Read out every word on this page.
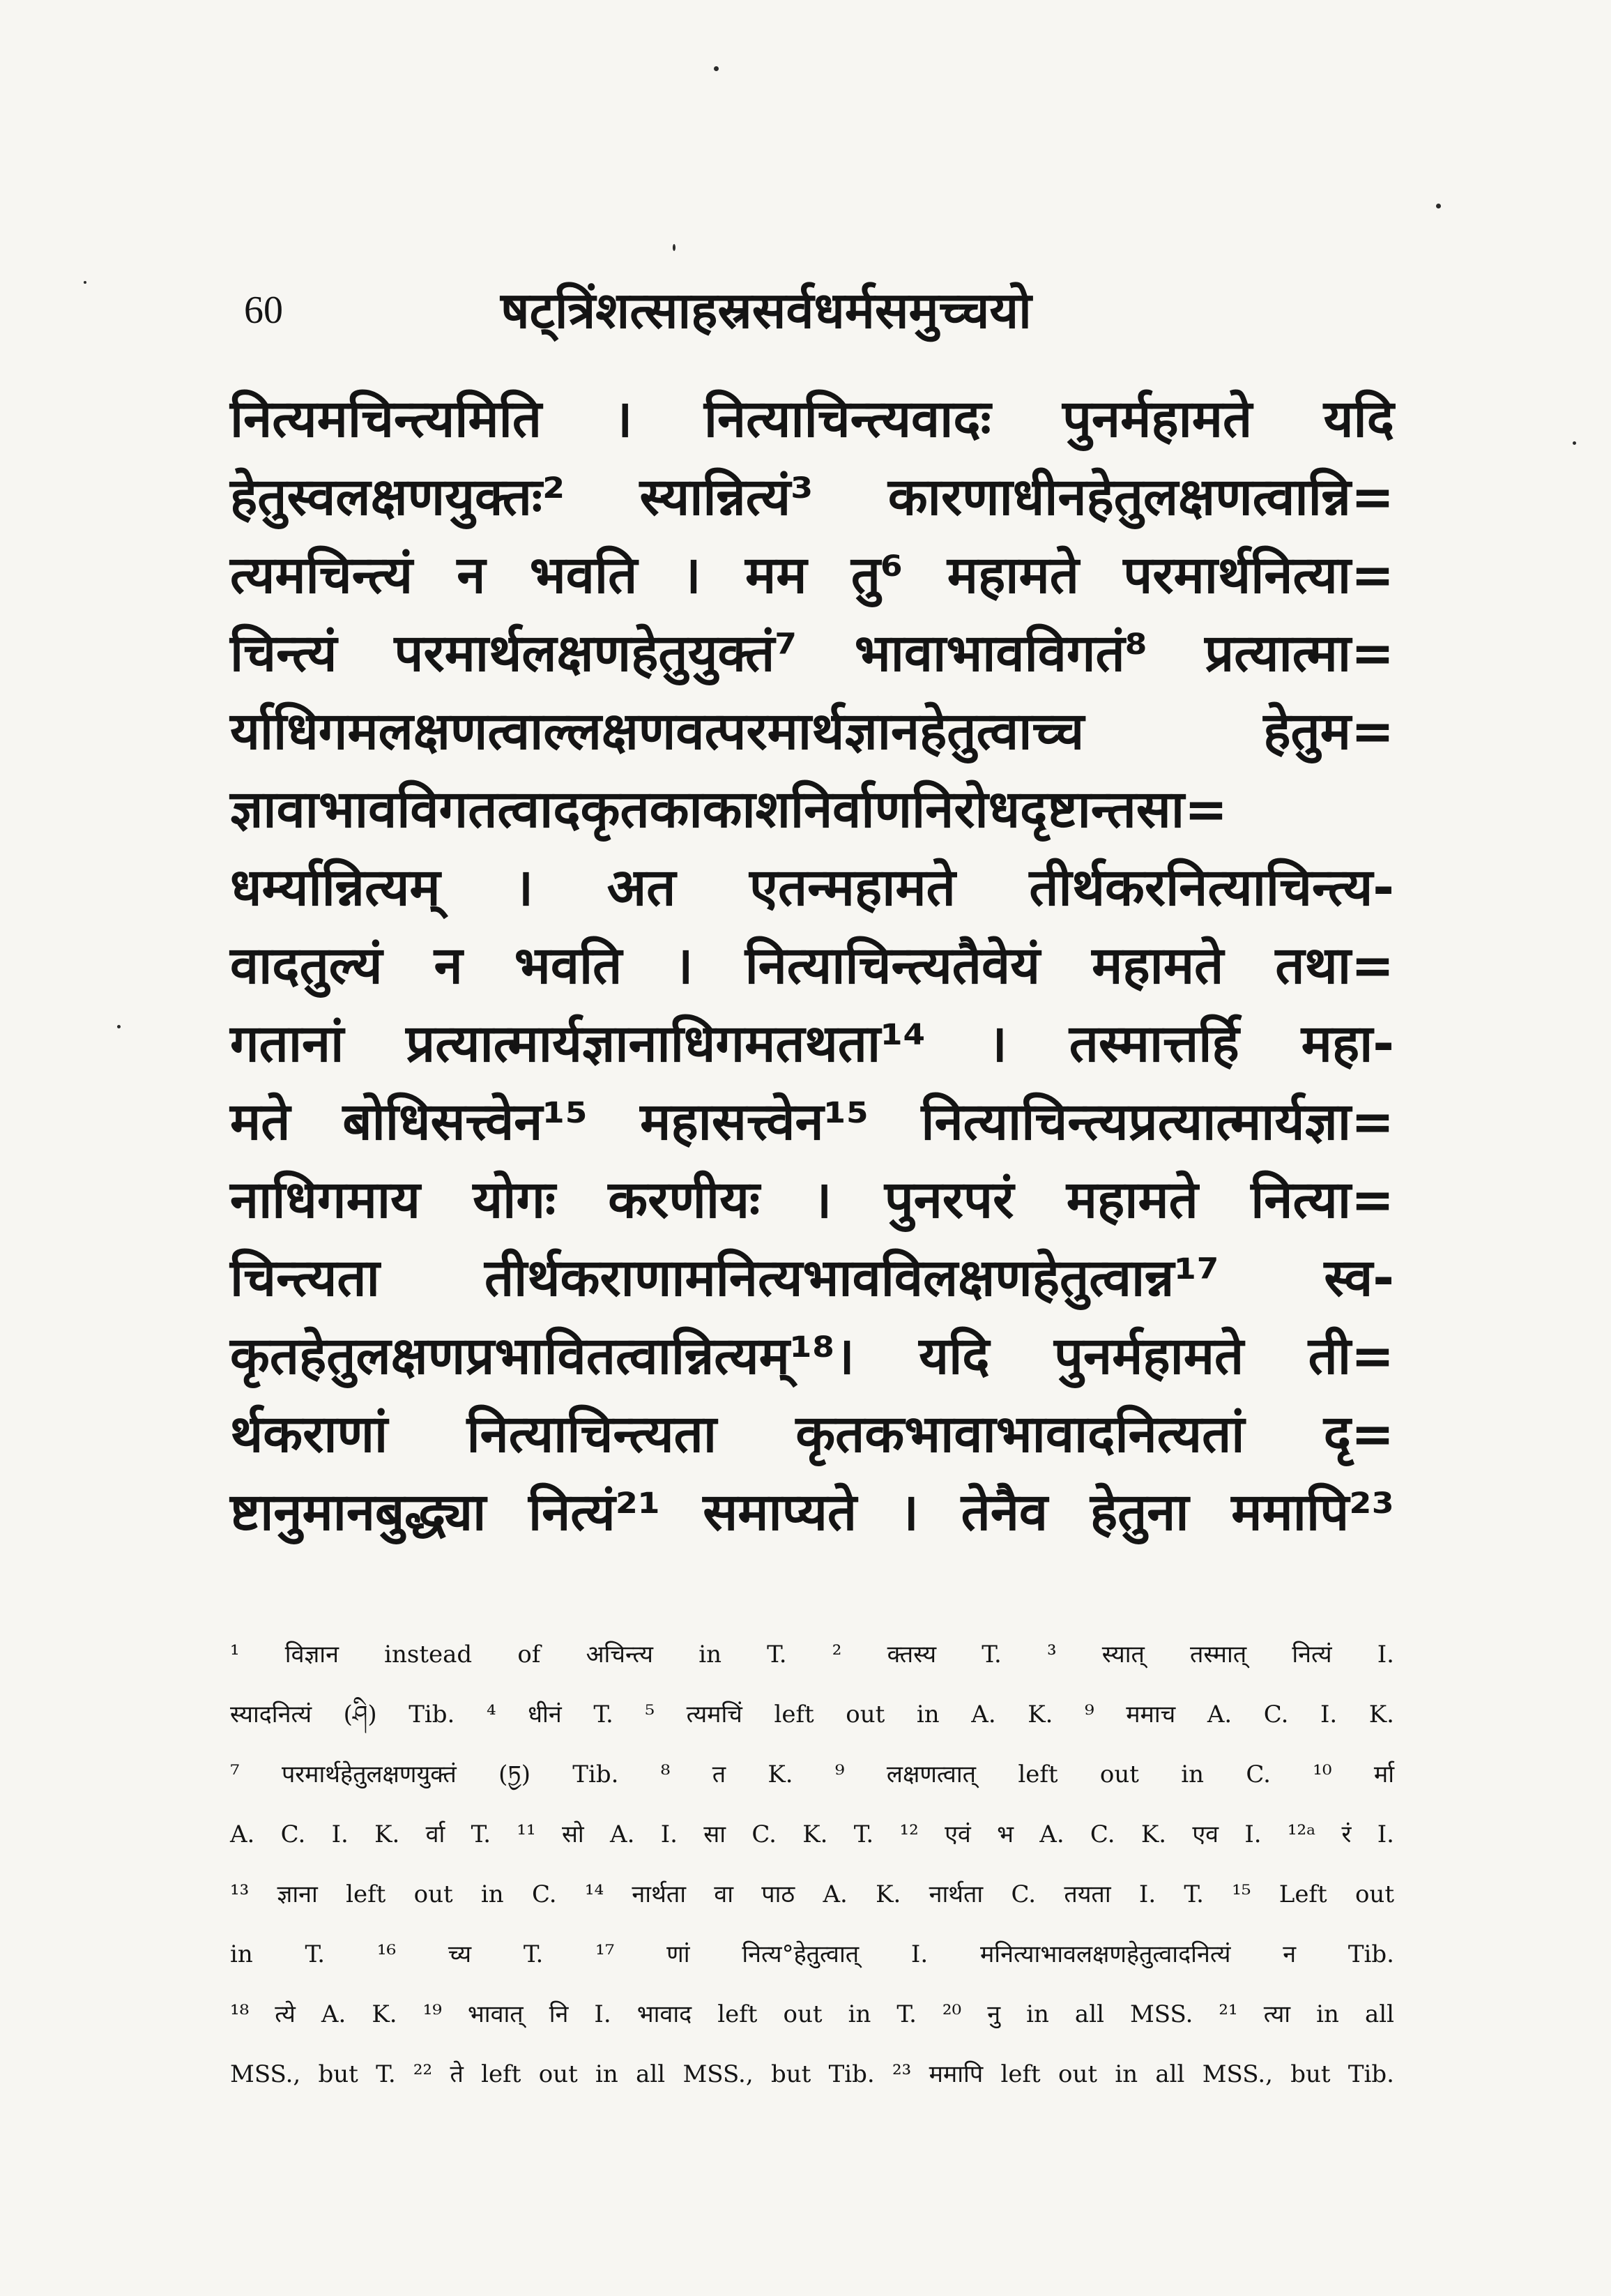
60	षट्त्रिंशत्साहस्रसर्वधर्मसमुच्चयो
नित्यमचिन्त्यमिति । नित्याचिन्त्यवादः पुनर्महामते यदि
हेतुस्वलक्षणयुक्तः² स्यान्नित्यं³ कारणाधीनहेतुलक्षणत्वान्नि=
त्यमचिन्त्यं न भवति । मम तु⁶ महामते परमार्थनित्या=
चिन्त्यं परमार्थलक्षणहेतुयुक्तं⁷ भावाभावविगतं⁸ प्रत्यात्मा=
र्याधिगमलक्षणत्वाल्लक्षणवत्परमार्थज्ञानहेतुत्वाच्च हेतुम=
ज्ञावाभावविगतत्वादकृतकाकाशनिर्वाणनिरोधदृष्टान्तसा=
धर्म्यान्नित्यम् । अत एतन्महामते तीर्थकरनित्याचिन्त्य-
वादतुल्यं न भवति । नित्याचिन्त्यतैवेयं महामते तथा=
गतानां प्रत्यात्मार्यज्ञानाधिगमतथता¹⁴ । तस्मात्तर्हि महा-
मते बोधिसत्त्वेन¹⁵ महासत्त्वेन¹⁵ नित्याचिन्त्यप्रत्यात्मार्यज्ञा=
नाधिगमाय योगः करणीयः । पुनरपरं महामते नित्या=
चिन्त्यता तीर्थकराणामनित्यभावविलक्षणहेतुत्वान्न¹⁷ स्व-
कृतहेतुलक्षणप्रभावितत्वान्नित्यम्¹⁸। यदि पुनर्महामते ती=
र्थकराणां नित्याचिन्त्यता कृतकभावाभावादनित्यतां दृ=
ष्टानुमानबुद्ध्या नित्यं²¹ समाप्यते । तेनैव हेतुना ममापि²³
¹ विज्ञान instead of अचिन्त्य in T. ² क्तस्य T. ³ स्यात् तस्मात् नित्यं I.
स्यादनित्यं (ཤི) Tib. ⁴ धीनं T. ⁵ त्यमचिं left out in A. K. ⁹ ममाच A. C. I. K.
⁷ परमार्थहेतुलक्षणयुक्तं (ཏྱ) Tib. ⁸ त K. ⁹ लक्षणत्वात् left out in C. ¹⁰ र्मा
A. C. I. K. र्वा T. ¹¹ सो A. I. सा C. K. T. ¹² एवं भ A. C. K. एव I. ¹²ᵃ रं I.
¹³ ज्ञाना left out in C. ¹⁴ नार्थता वा पाठ A. K. नार्थता C. तयता I. T. ¹⁵ Left out
in T. ¹⁶ च्य T. ¹⁷ णां नित्य°हेतुत्वात् I. मनित्याभावलक्षणहेतुत्वादनित्यं न Tib.
¹⁸ त्ये A. K. ¹⁹ भावात् नि I. भावाद left out in T. ²⁰ नु in all MSS. ²¹ त्या in all
MSS., but T. ²² ते left out in all MSS., but Tib. ²³ ममापि left out in all MSS., but Tib.
